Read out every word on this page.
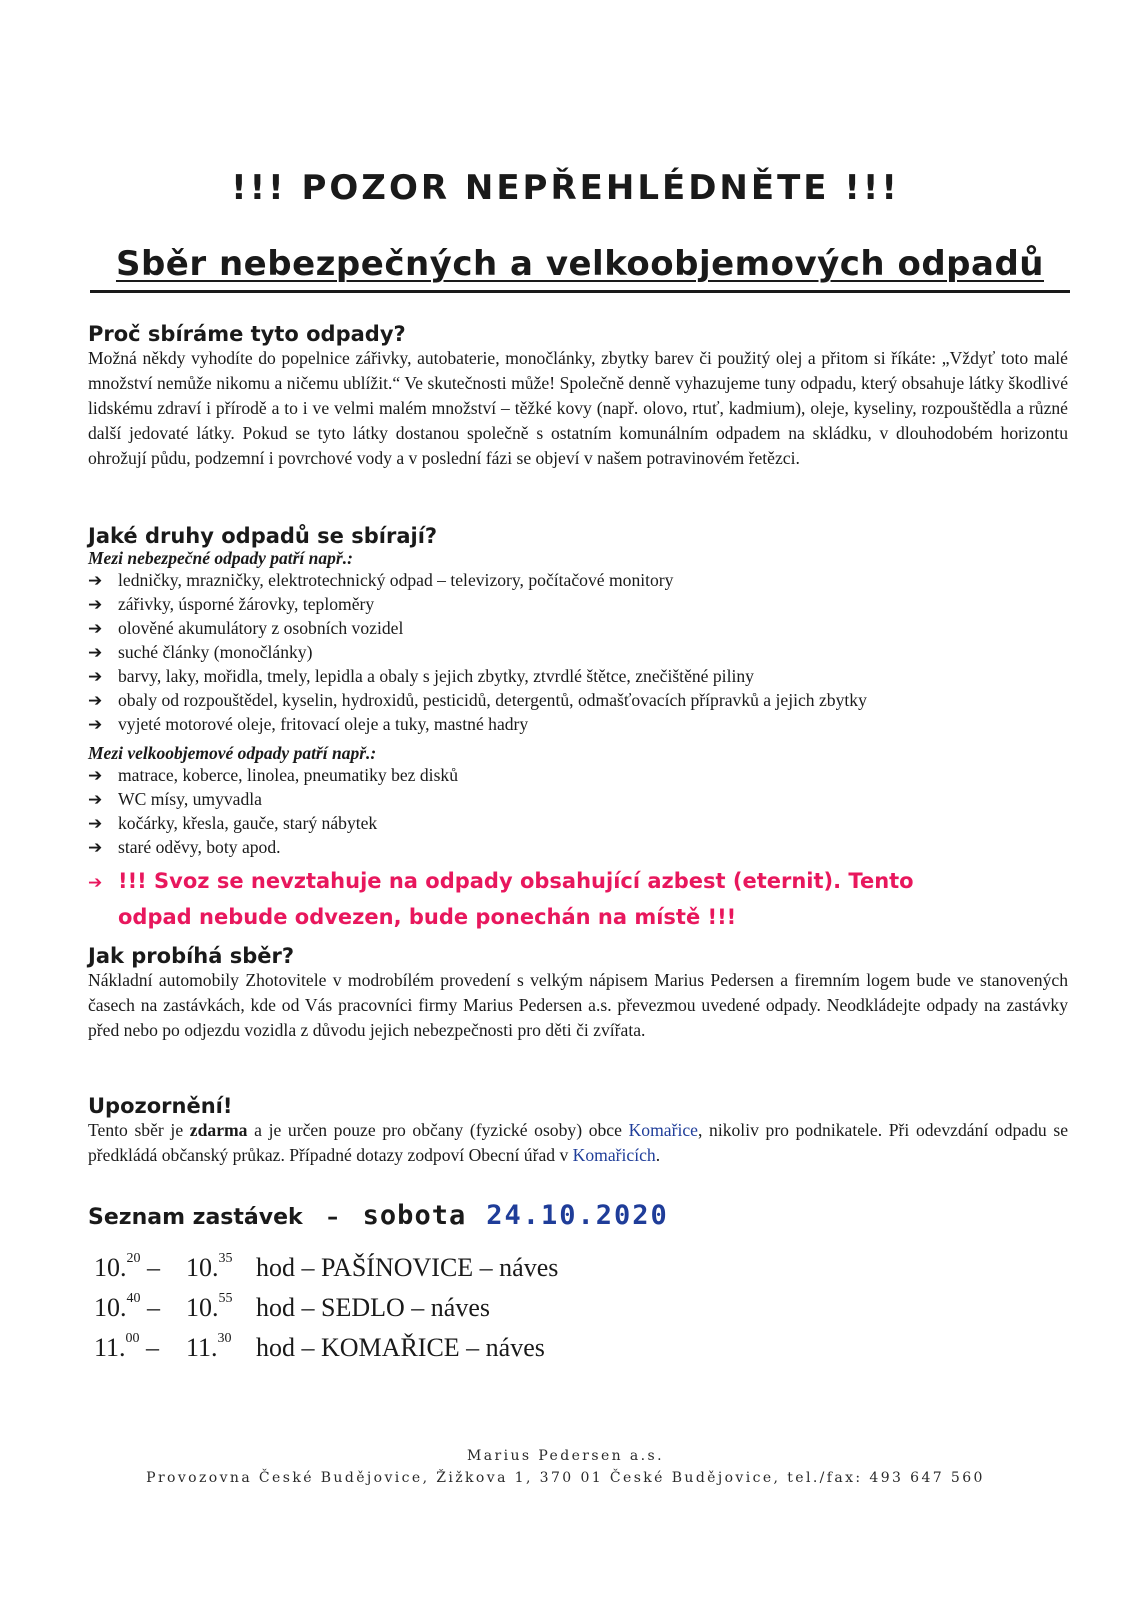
!!! POZOR NEPŘEHLÉDNĚTE !!!
Sběr nebezpečných a velkoobjemových odpadů
Proč sbíráme tyto odpady?

Možná někdy vyhodíte do popelnice zářivky, autobaterie, monočlánky, zbytky barev či použitý olej a přitom si říkáte: „Vždyť toto malé množství nemůže nikomu a ničemu ublížit.“ Ve skutečnosti může! Společně denně vyhazujeme tuny odpadu, který obsahuje látky škodlivé lidskému zdraví i přírodě a to i ve velmi malém množství – těžké kovy (např. olovo, rtuť, kadmium), oleje, kyseliny, rozpouštědla a různé další jedovaté látky. Pokud se tyto látky dostanou společně s ostatním komunálním odpadem na skládku, v dlouhodobém horizontu ohrožují půdu, podzemní i povrchové vody a v poslední fázi se objeví v našem potravinovém řetězci.

Jaké druhy odpadů se sbírají?

Mezi nebezpečné odpady patří např.:

➔ ledničky, mrazničky, elektrotechnický odpad – televizory, počítačové monitory
➔ zářivky, úsporné žárovky, teploměry
➔ olověné akumulátory z osobních vozidel
➔ suché články (monočlánky)
➔ barvy, laky, mořidla, tmely, lepidla a obaly s jejich zbytky, ztvrdlé štětce, znečištěné piliny
➔ obaly od rozpouštědel, kyselin, hydroxidů, pesticidů, detergentů, odmašťovacích přípravků a jejich zbytky
➔ vyjeté motorové oleje, fritovací oleje a tuky, mastné hadry

Mezi velkoobjemové odpady patří např.:

➔ matrace, koberce, linolea, pneumatiky bez disků
➔ WC mísy, umyvadla
➔ kočárky, křesla, gauče, starý nábytek
➔ staré oděvy, boty apod.

➔ !!! Svoz se nevztahuje na odpady obsahující azbest (eternit). Tento

odpad nebude odvezen, bude ponechán na místě !!!

Jak probíhá sběr?

Nákladní automobily Zhotovitele v modrobílém provedení s velkým nápisem Marius Pedersen a firemním logem bude ve stanovených časech na zastávkách, kde od Vás pracovníci firmy Marius Pedersen a.s. převezmou uvedené odpady. Neodkládejte odpady na zastávky před nebo po odjezdu vozidla z důvodu jejich nebezpečnosti pro děti či zvířata.

Upozornění!

Tento sběr je zdarma a je určen pouze pro občany (fyzické osoby) obce Komařice, nikoliv pro podnikatele. Při odevzdání odpadu se předkládá občanský průkaz. Případné dotazy zodpoví Obecní úřad v Komařicích.

Seznam zastávek	– sobota 24.10.2020
10.20 –	10.35 hod – PAŠÍNOVICE – náves
10.40 –	10.55 hod – SEDLO – náves
11.00 –	11.30 hod – KOMAŘICE – náves
Marius Pedersen a.s.
Provozovna České Budějovice, Žižkova 1, 370 01 České Budějovice, tel./fax: 493 647 560
